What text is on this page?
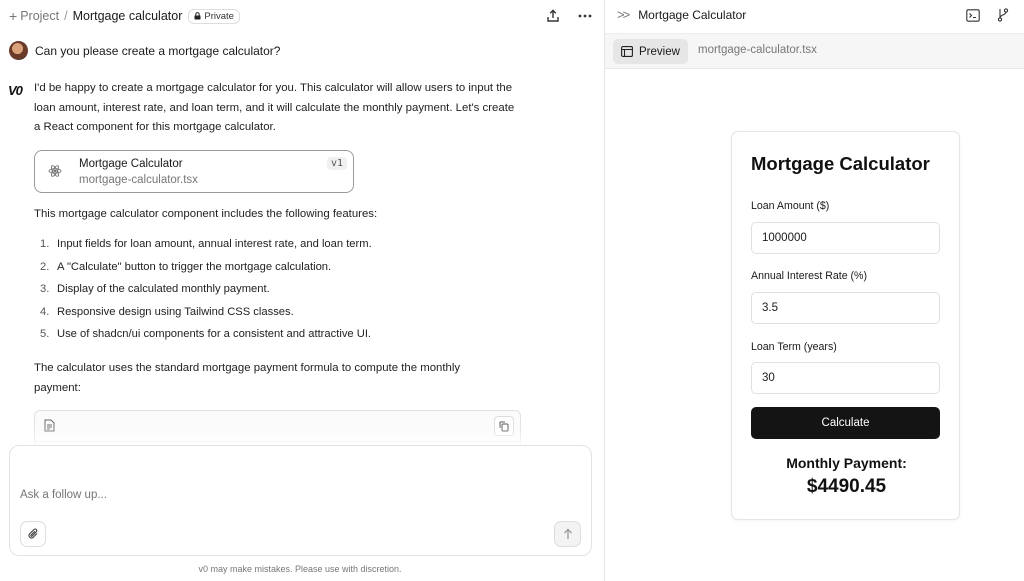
+ Project / Mortgage calculator Private
Can you please create a mortgage calculator?
V0 I'd be happy to create a mortgage calculator for you. This calculator will allow users to input the loan amount, interest rate, and loan term, and it will calculate the monthly payment. Let's create a React component for this mortgage calculator.
Mortgage Calculator
mortgage-calculator.tsx
v1
This mortgage calculator component includes the following features:
1. Input fields for loan amount, annual interest rate, and loan term.
2. A "Calculate" button to trigger the mortgage calculation.
3. Display of the calculated monthly payment.
4. Responsive design using Tailwind CSS classes.
5. Use of shadcn/ui components for a consistent and attractive UI.
The calculator uses the standard mortgage payment formula to compute the monthly payment:
Ask a follow up...
v0 may make mistakes. Please use with discretion.
>> Mortgage Calculator
Preview mortgage-calculator.tsx
Mortgage Calculator
Loan Amount ($)
1000000
Annual Interest Rate (%)
3.5
Loan Term (years)
30
Calculate
Monthly Payment:
$4490.45
